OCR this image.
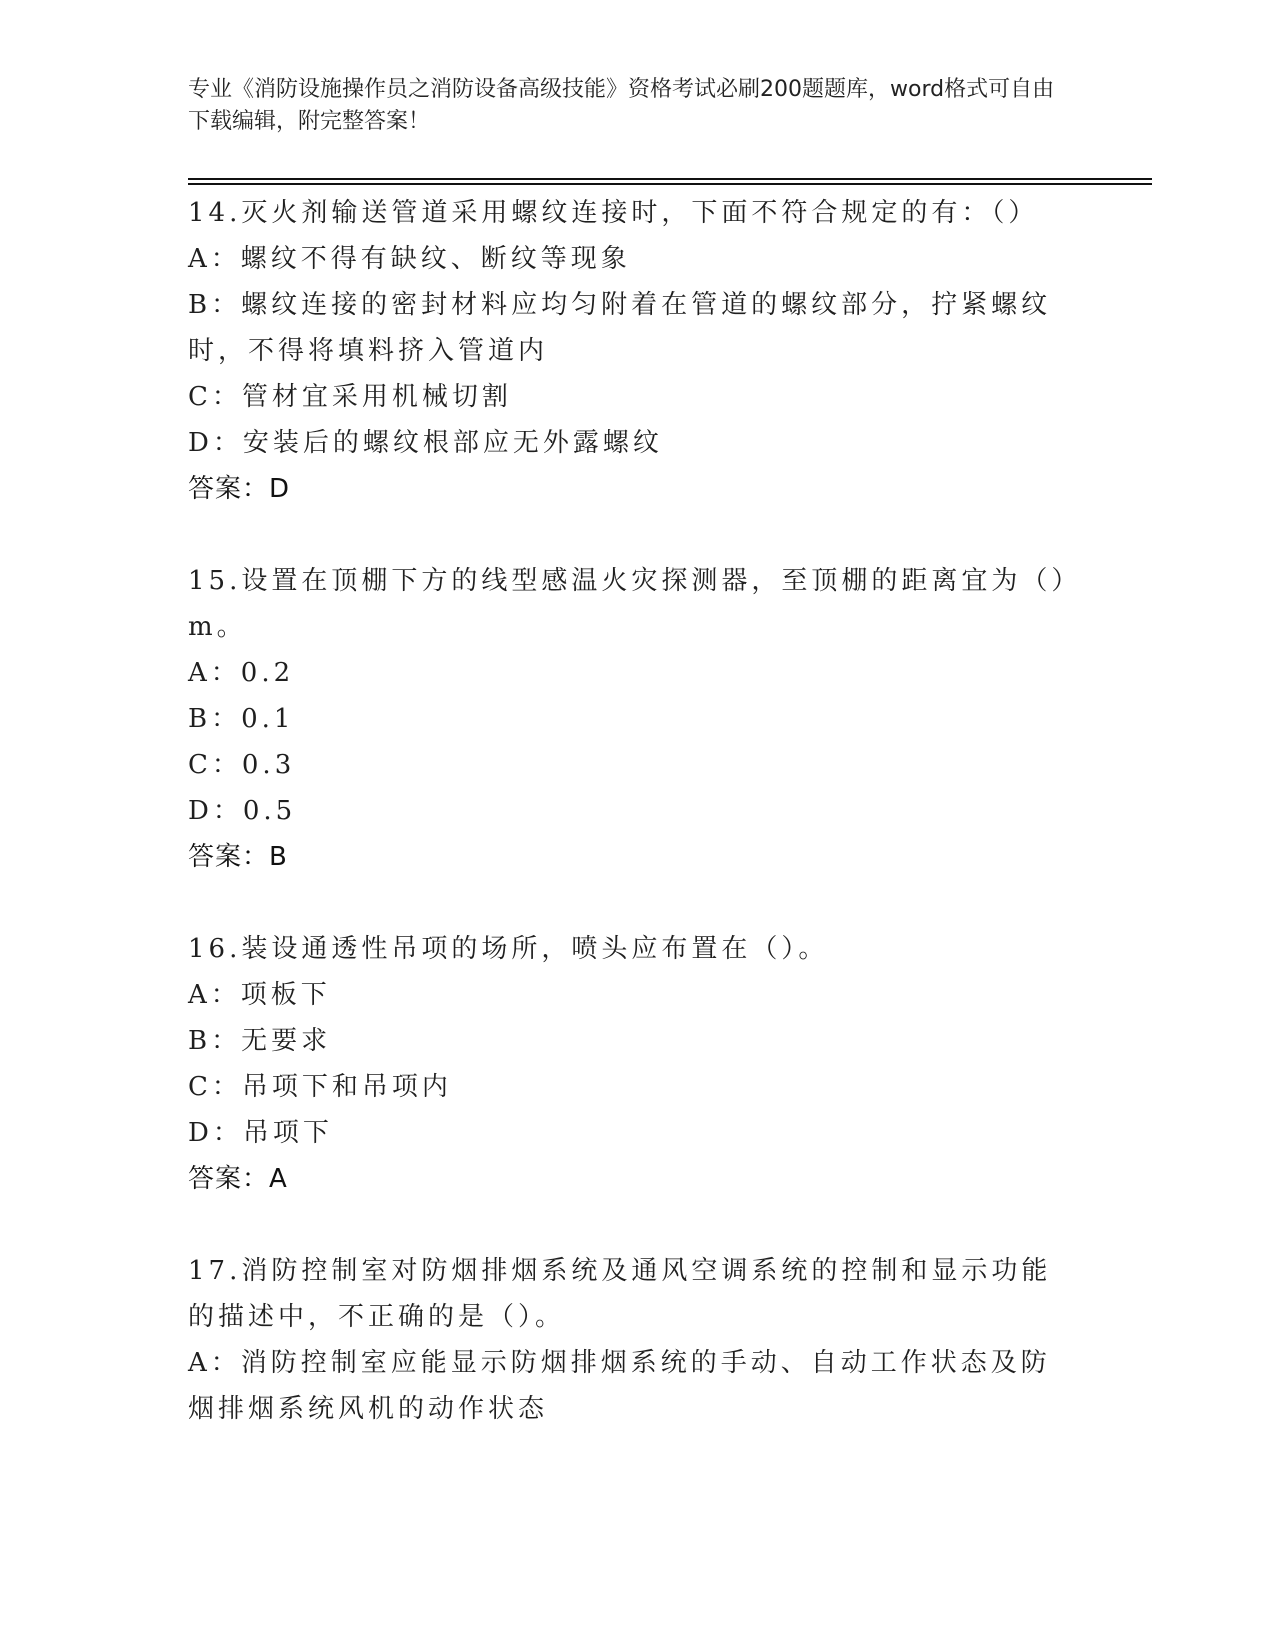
专业《消防设施操作员之消防设备高级技能》资格考试必刷200题题库，word格式可自由下载编辑，附完整答案！

14.灭火剂输送管道采用螺纹连接时，下面不符合规定的有：（）

A：螺纹不得有缺纹、断纹等现象

B：螺纹连接的密封材料应均匀附着在管道的螺纹部分，拧紧螺纹时，不得将填料挤入管道内

C：管材宜采用机械切割

D：安装后的螺纹根部应无外露螺纹

答案：D

15.设置在顶棚下方的线型感温火灾探测器，至顶棚的距离宜为（）m。

A：0.2

B：0.1

C：0.3

D：0.5

答案：B

16.装设通透性吊项的场所，喷头应布置在（）。

A：项板下

B：无要求

C：吊项下和吊项内

D：吊项下

答案：A

17.消防控制室对防烟排烟系统及通风空调系统的控制和显示功能的描述中，不正确的是（）。

A：消防控制室应能显示防烟排烟系统的手动、自动工作状态及防烟排烟系统风机的动作状态
